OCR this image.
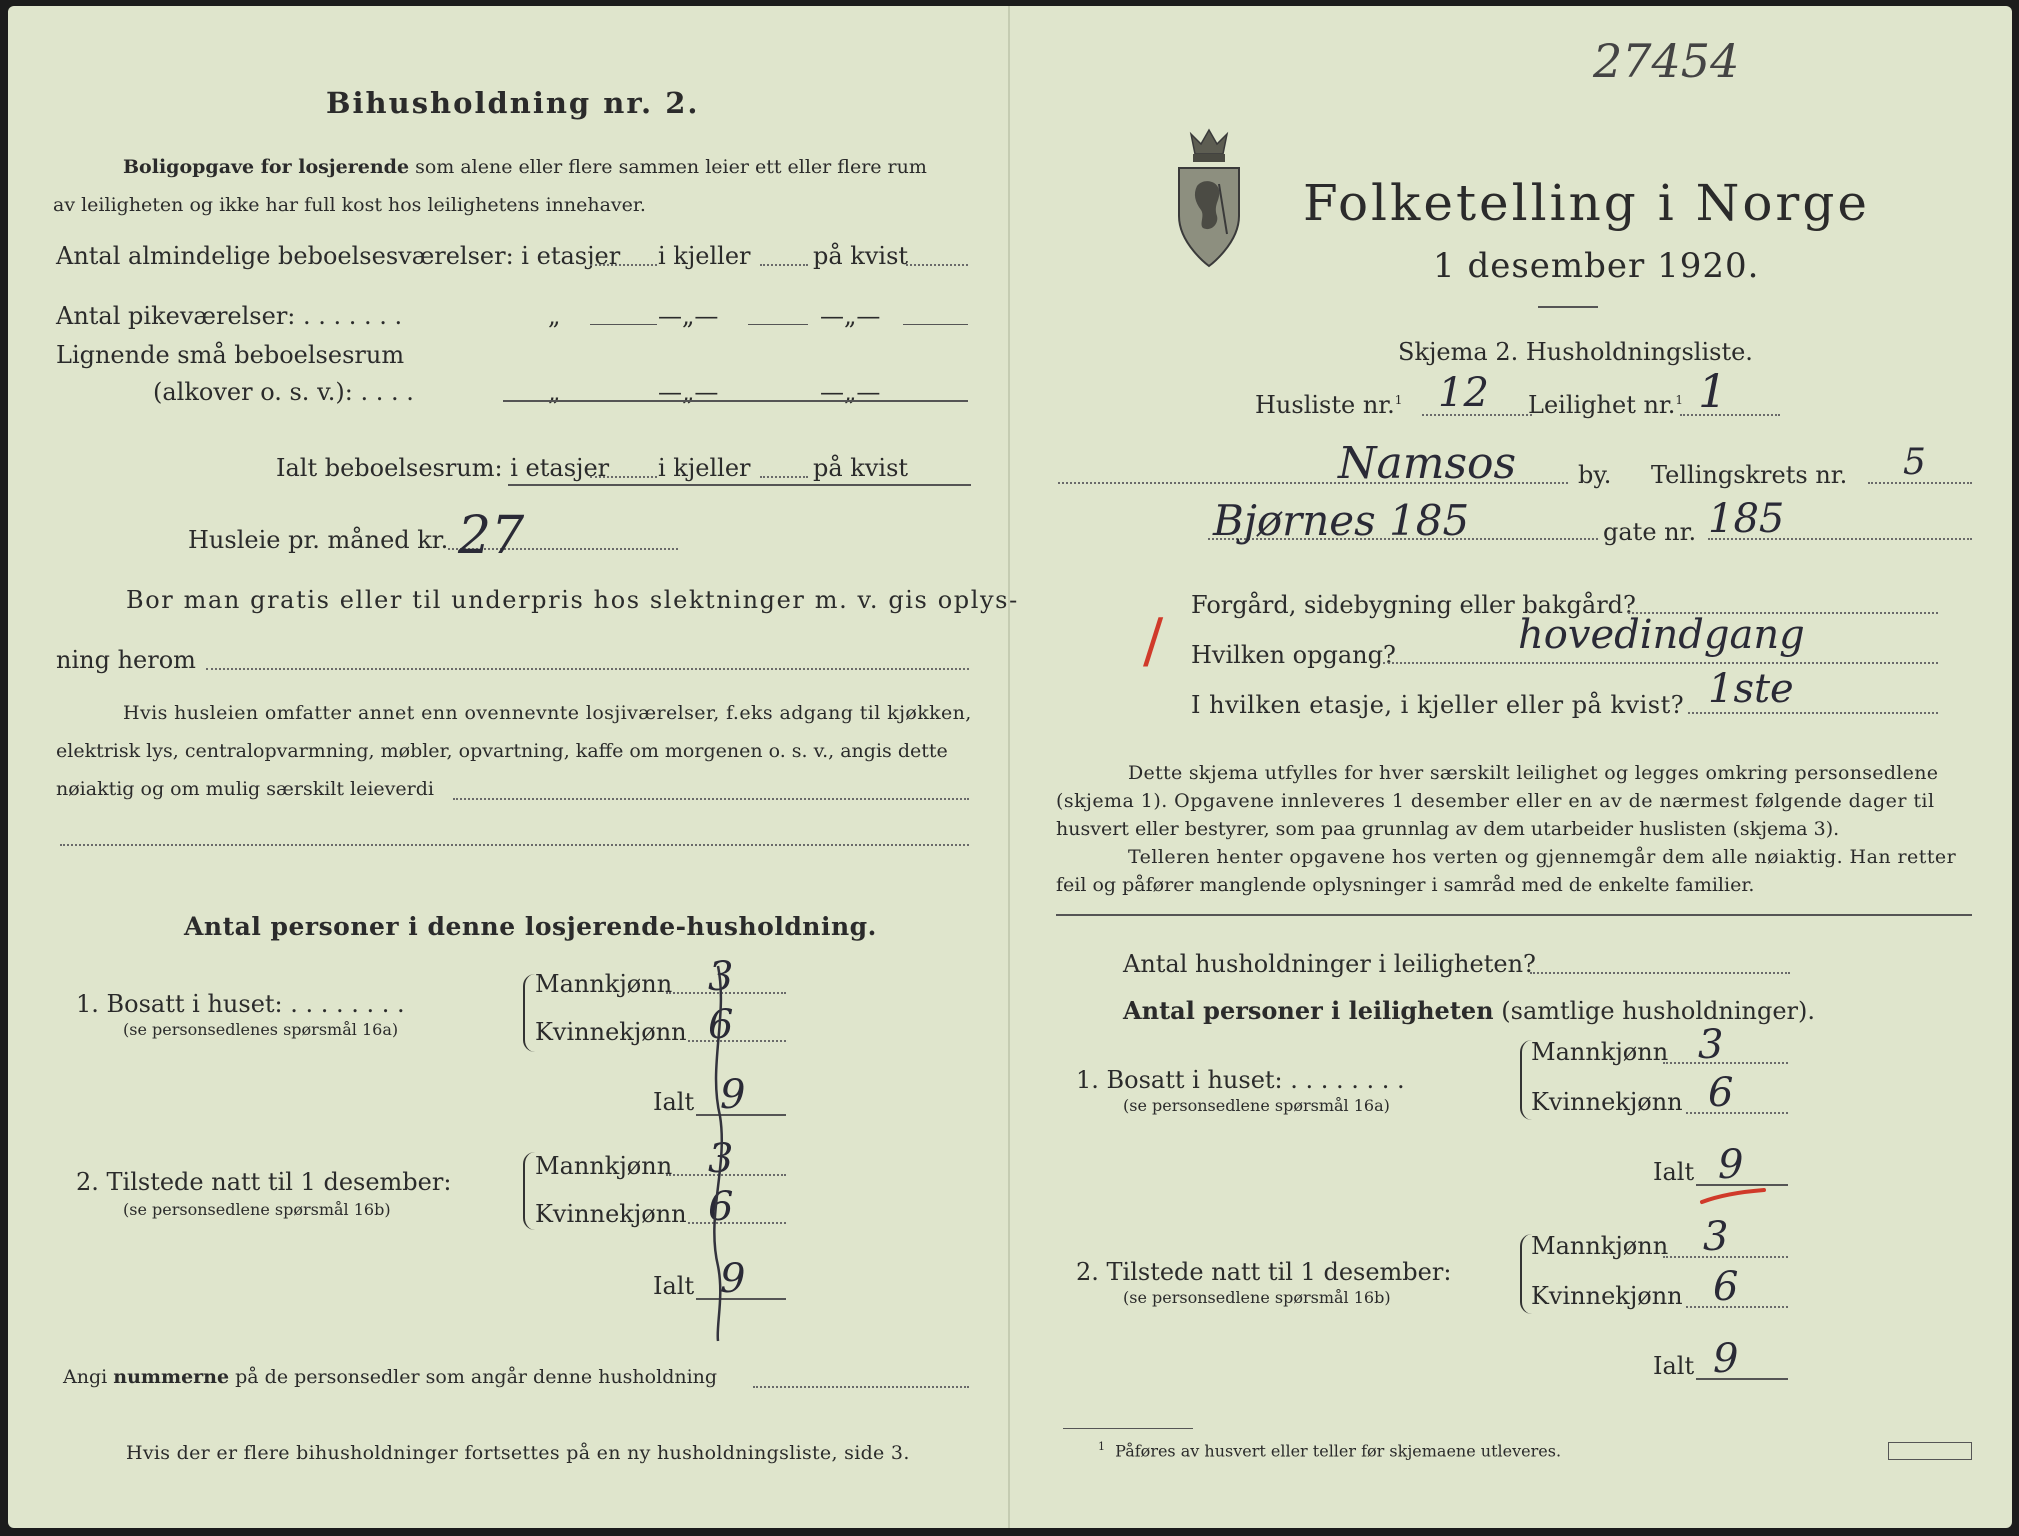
Bihusholdning nr. 2.
Boligopgave for losjerende som alene eller flere sammen leier ett eller flere rum
av leiligheten og ikke har full kost hos leilighetens innehaver.
Antal almindelige beboelsesværelser: i etasjer i kjeller	på kvist
Antal pikeværelser: . . . . . . .	„	—„—	—„—
Lignende små beboelsesrum
(alkover o. s. v.): . . . .	„	—„—	—„—
Ialt beboelsesrum: i etasjer i kjeller	på kvist
Husleie pr. måned kr. 27
Bor man gratis eller til underpris hos slektninger m. v. gis oplys-
ning herom
Hvis husleien omfatter annet enn ovennevnte losjiværelser, f.eks adgang til kjøkken,
elektrisk lys, centralopvarmning, møbler, opvartning, kaffe om morgenen o. s. v., angis dette
nøiaktig og om mulig særskilt leieverdi
Antal personer i denne losjerende-husholdning.
1. Bosatt i huset: . . . . . . . .
(se personsedlenes spørsmål 16a)
Mannkjønn 3
Kvinnekjønn 6
Ialt 9
2. Tilstede natt til 1 desember:
(se personsedlene spørsmål 16b)
Mannkjønn 3
Kvinnekjønn 6
Ialt 9
Angi nummerne på de personsedler som angår denne husholdning
Hvis der er flere bihusholdninger fortsettes på en ny husholdningsliste, side 3.
27454
Folketelling i Norge
1 desember 1920.
Skjema 2. Husholdningsliste.
Husliste nr.$^1$ 12 Leilighet nr.$^1$ 1
Namsos	by. Tellingskrets nr. 5
Bjørnes 185	gate nr. 185
/
Forgård, sidebygning eller bakgård?
Hvilken opgang?	hovedindgang
I hvilken etasje, i kjeller eller på kvist? 1ste
Dette skjema utfylles for hver særskilt leilighet og legges omkring personsedlene
(skjema 1). Opgavene innleveres 1 desember eller en av de nærmest følgende dager til
husvert eller bestyrer, som paa grunnlag av dem utarbeider huslisten (skjema 3).
Telleren henter opgavene hos verten og gjennemgår dem alle nøiaktig. Han retter
feil og påfører manglende oplysninger i samråd med de enkelte familier.
Antal husholdninger i leiligheten?
Antal personer i leiligheten (samtlige husholdninger).
1. Bosatt i huset: . . . . . . . .
(se personsedlene spørsmål 16a)
Mannkjønn 3
Kvinnekjønn 6
Ialt 9
2. Tilstede natt til 1 desember:
(se personsedlene spørsmål 16b)
Mannkjønn 3
Kvinnekjønn 6
Ialt 9
$^1$ Påføres av husvert eller teller før skjemaene utleveres.
